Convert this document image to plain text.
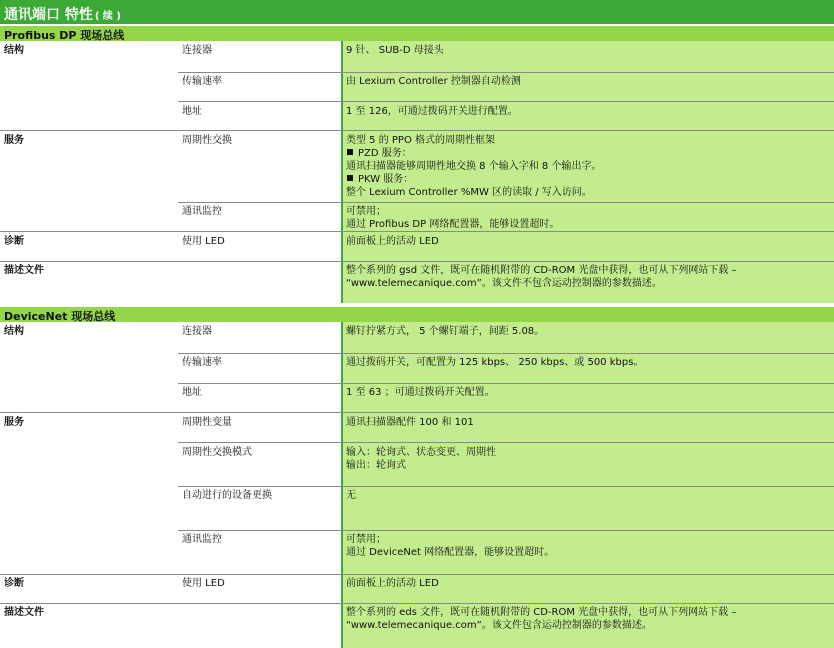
通讯端口 特性 ( 续 )
Profibus DP 现场总线
结构	连接器	9 针、 SUB-D 母接头
传输速率	由 Lexium Controller 控制器自动检测
地址	1 至 126，可通过拨码开关进行配置。
服务	周期性交换	类型 5 的 PPO 格式的周期性框架
PZD 服务：
通讯扫描器能够周期性地交换 8 个输入字和 8 个输出字。
PKW 服务：
整个 Lexium Controller %MW 区的读取 / 写入访问。
通讯监控	可禁用；
通过 Profibus DP 网络配置器，能够设置超时。
诊断	使用 LED	前面板上的活动 LED
描述文件	整个系列的 gsd 文件，既可在随机附带的 CD-ROM 光盘中获得，也可从下列网站下载 –
“www.telemecanique.com”。该文件不包含运动控制器的参数描述。
DeviceNet 现场总线
结构	连接器	螺钉拧紧方式， 5 个螺钉端子，间距 5.08。
传输速率	通过拨码开关，可配置为 125 kbps、 250 kbps、或 500 kbps。
地址	1 至 63 ；可通过拨码开关配置。
服务	周期性变量	通讯扫描器配件 100 和 101
周期性交换模式	输入：轮询式、状态变更、周期性
输出：轮询式
自动进行的设备更换	无
通讯监控	可禁用；
通过 DeviceNet 网络配置器，能够设置超时。
诊断	使用 LED	前面板上的活动 LED
描述文件	整个系列的 eds 文件，既可在随机附带的 CD-ROM 光盘中获得，也可从下列网站下载 –
“www.telemecanique.com”。该文件包含运动控制器的参数描述。
